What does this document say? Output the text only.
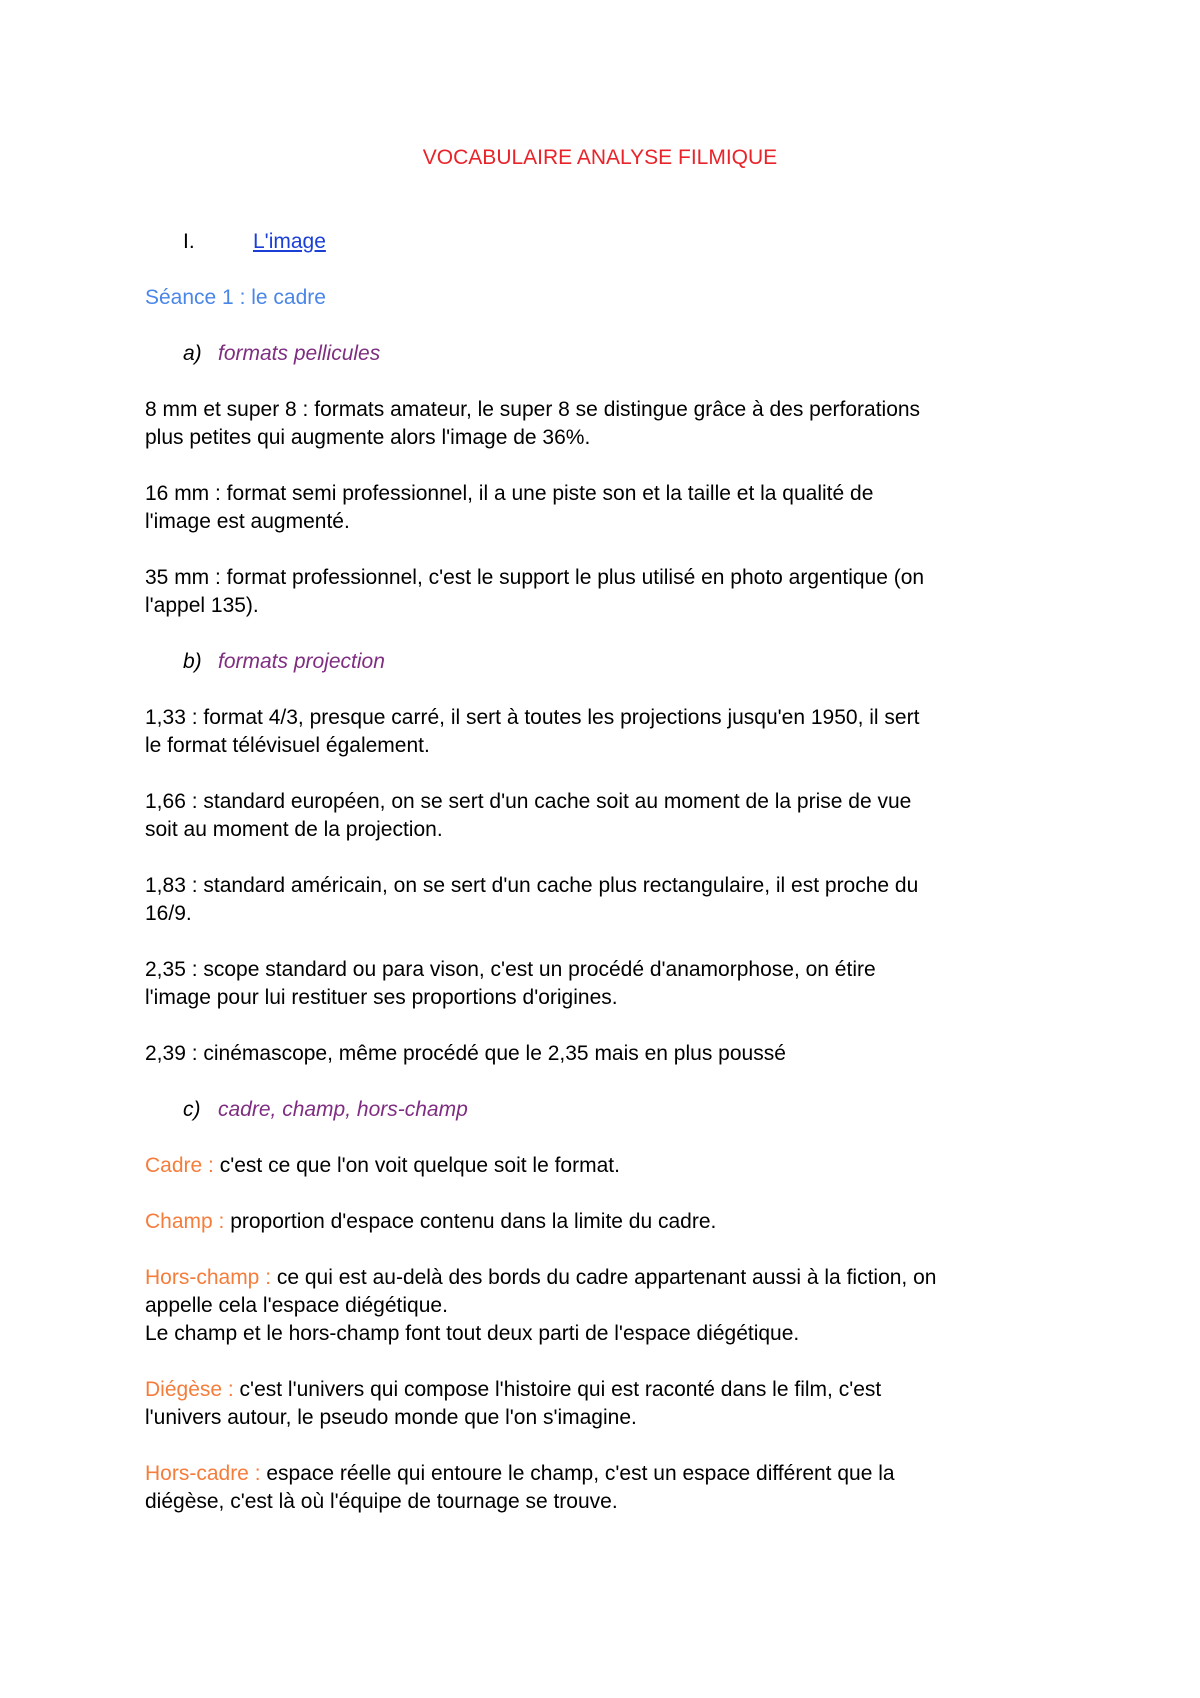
VOCABULAIRE ANALYSE FILMIQUE
I.	L'image
Séance 1 : le cadre
a) formats pellicules
8 mm et super 8 : formats amateur, le super 8 se distingue grâce à des perforations
plus petites qui augmente alors l'image de 36%.
16 mm : format semi professionnel, il a une piste son et la taille et la qualité de
l'image est augmenté.
35 mm : format professionnel, c'est le support le plus utilisé en photo argentique (on
l'appel 135).
b) formats projection
1,33 : format 4/3, presque carré, il sert à toutes les projections jusqu'en 1950, il sert
le format télévisuel également.
1,66 : standard européen, on se sert d'un cache soit au moment de la prise de vue
soit au moment de la projection.
1,83 : standard américain, on se sert d'un cache plus rectangulaire, il est proche du
16/9.
2,35 : scope standard ou para vison, c'est un procédé d'anamorphose, on étire
l'image pour lui restituer ses proportions d'origines.
2,39 : cinémascope, même procédé que le 2,35 mais en plus poussé
c) cadre, champ, hors-champ
Cadre : c'est ce que l'on voit quelque soit le format.
Champ : proportion d'espace contenu dans la limite du cadre.
Hors-champ : ce qui est au-delà des bords du cadre appartenant aussi à la fiction, on
appelle cela l'espace diégétique.
Le champ et le hors-champ font tout deux parti de l'espace diégétique.
Diégèse : c'est l'univers qui compose l'histoire qui est raconté dans le film, c'est
l'univers autour, le pseudo monde que l'on s'imagine.
Hors-cadre : espace réelle qui entoure le champ, c'est un espace différent que la
diégèse, c'est là où l'équipe de tournage se trouve.
